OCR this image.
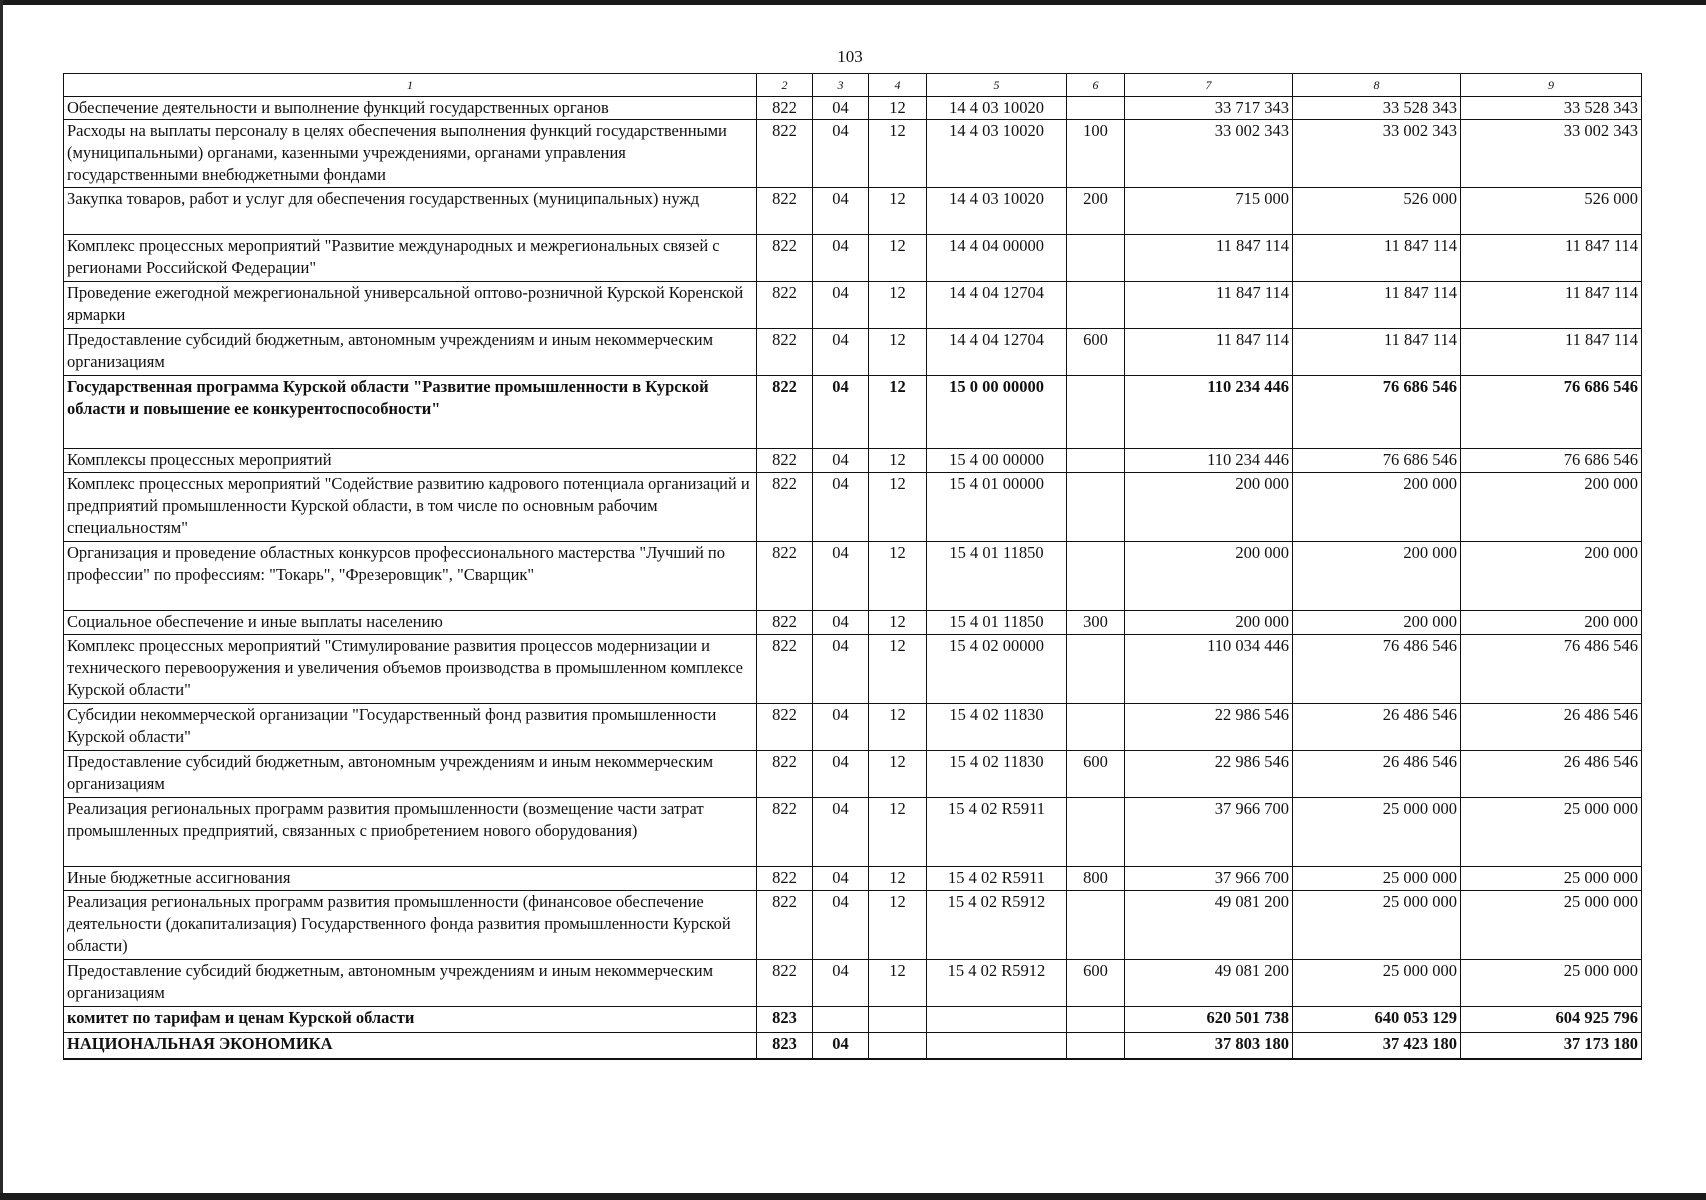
103
1	2	3	4	5	6	7	8	9
Обеспечение деятельности и выполнение функций государственных органов	822	04	12	14 4 03 10020		33 717 343	33 528 343	33 528 343
Расходы на выплаты персоналу в целях обеспечения выполнения функций государственными (муниципальными) органами, казенными учреждениями, органами управления государственными внебюджетными фондами	822	04	12	14 4 03 10020	100	33 002 343	33 002 343	33 002 343
Закупка товаров, работ и услуг для обеспечения государственных (муниципальных) нужд	822	04	12	14 4 03 10020	200	715 000	526 000	526 000
Комплекс процессных мероприятий "Развитие международных и межрегиональных связей с регионами Российской Федерации"	822	04	12	14 4 04 00000		11 847 114	11 847 114	11 847 114
Проведение ежегодной межрегиональной универсальной оптово-розничной Курской Коренской ярмарки	822	04	12	14 4 04 12704		11 847 114	11 847 114	11 847 114
Предоставление субсидий бюджетным, автономным учреждениям и иным некоммерческим организациям	822	04	12	14 4 04 12704	600	11 847 114	11 847 114	11 847 114
Государственная программа Курской области "Развитие промышленности в Курской области и повышение ее конкурентоспособности"	822	04	12	15 0 00 00000		110 234 446	76 686 546	76 686 546
Комплексы процессных мероприятий	822	04	12	15 4 00 00000		110 234 446	76 686 546	76 686 546
Комплекс процессных мероприятий "Содействие развитию кадрового потенциала организаций и предприятий промышленности Курской области, в том числе по основным рабочим специальностям"	822	04	12	15 4 01 00000		200 000	200 000	200 000
Организация и проведение областных конкурсов профессионального мастерства "Лучший по профессии" по профессиям: "Токарь", "Фрезеровщик", "Сварщик"	822	04	12	15 4 01 11850		200 000	200 000	200 000
Социальное обеспечение и иные выплаты населению	822	04	12	15 4 01 11850	300	200 000	200 000	200 000
Комплекс процессных мероприятий "Стимулирование развития процессов модернизации и технического перевооружения и увеличения объемов производства в промышленном комплексе Курской области"	822	04	12	15 4 02 00000		110 034 446	76 486 546	76 486 546
Субсидии некоммерческой организации "Государственный фонд развития промышленности Курской области"	822	04	12	15 4 02 11830		22 986 546	26 486 546	26 486 546
Предоставление субсидий бюджетным, автономным учреждениям и иным некоммерческим организациям	822	04	12	15 4 02 11830	600	22 986 546	26 486 546	26 486 546
Реализация региональных программ развития промышленности (возмещение части затрат промышленных предприятий, связанных с приобретением нового оборудования)	822	04	12	15 4 02 R5911		37 966 700	25 000 000	25 000 000
Иные бюджетные ассигнования	822	04	12	15 4 02 R5911	800	37 966 700	25 000 000	25 000 000
Реализация региональных программ развития промышленности (финансовое обеспечение деятельности (докапитализация) Государственного фонда развития промышленности Курской области)	822	04	12	15 4 02 R5912		49 081 200	25 000 000	25 000 000
Предоставление субсидий бюджетным, автономным учреждениям и иным некоммерческим организациям	822	04	12	15 4 02 R5912	600	49 081 200	25 000 000	25 000 000
комитет по тарифам и ценам Курской области	823					620 501 738	640 053 129	604 925 796
НАЦИОНАЛЬНАЯ ЭКОНОМИКА	823	04				37 803 180	37 423 180	37 173 180
